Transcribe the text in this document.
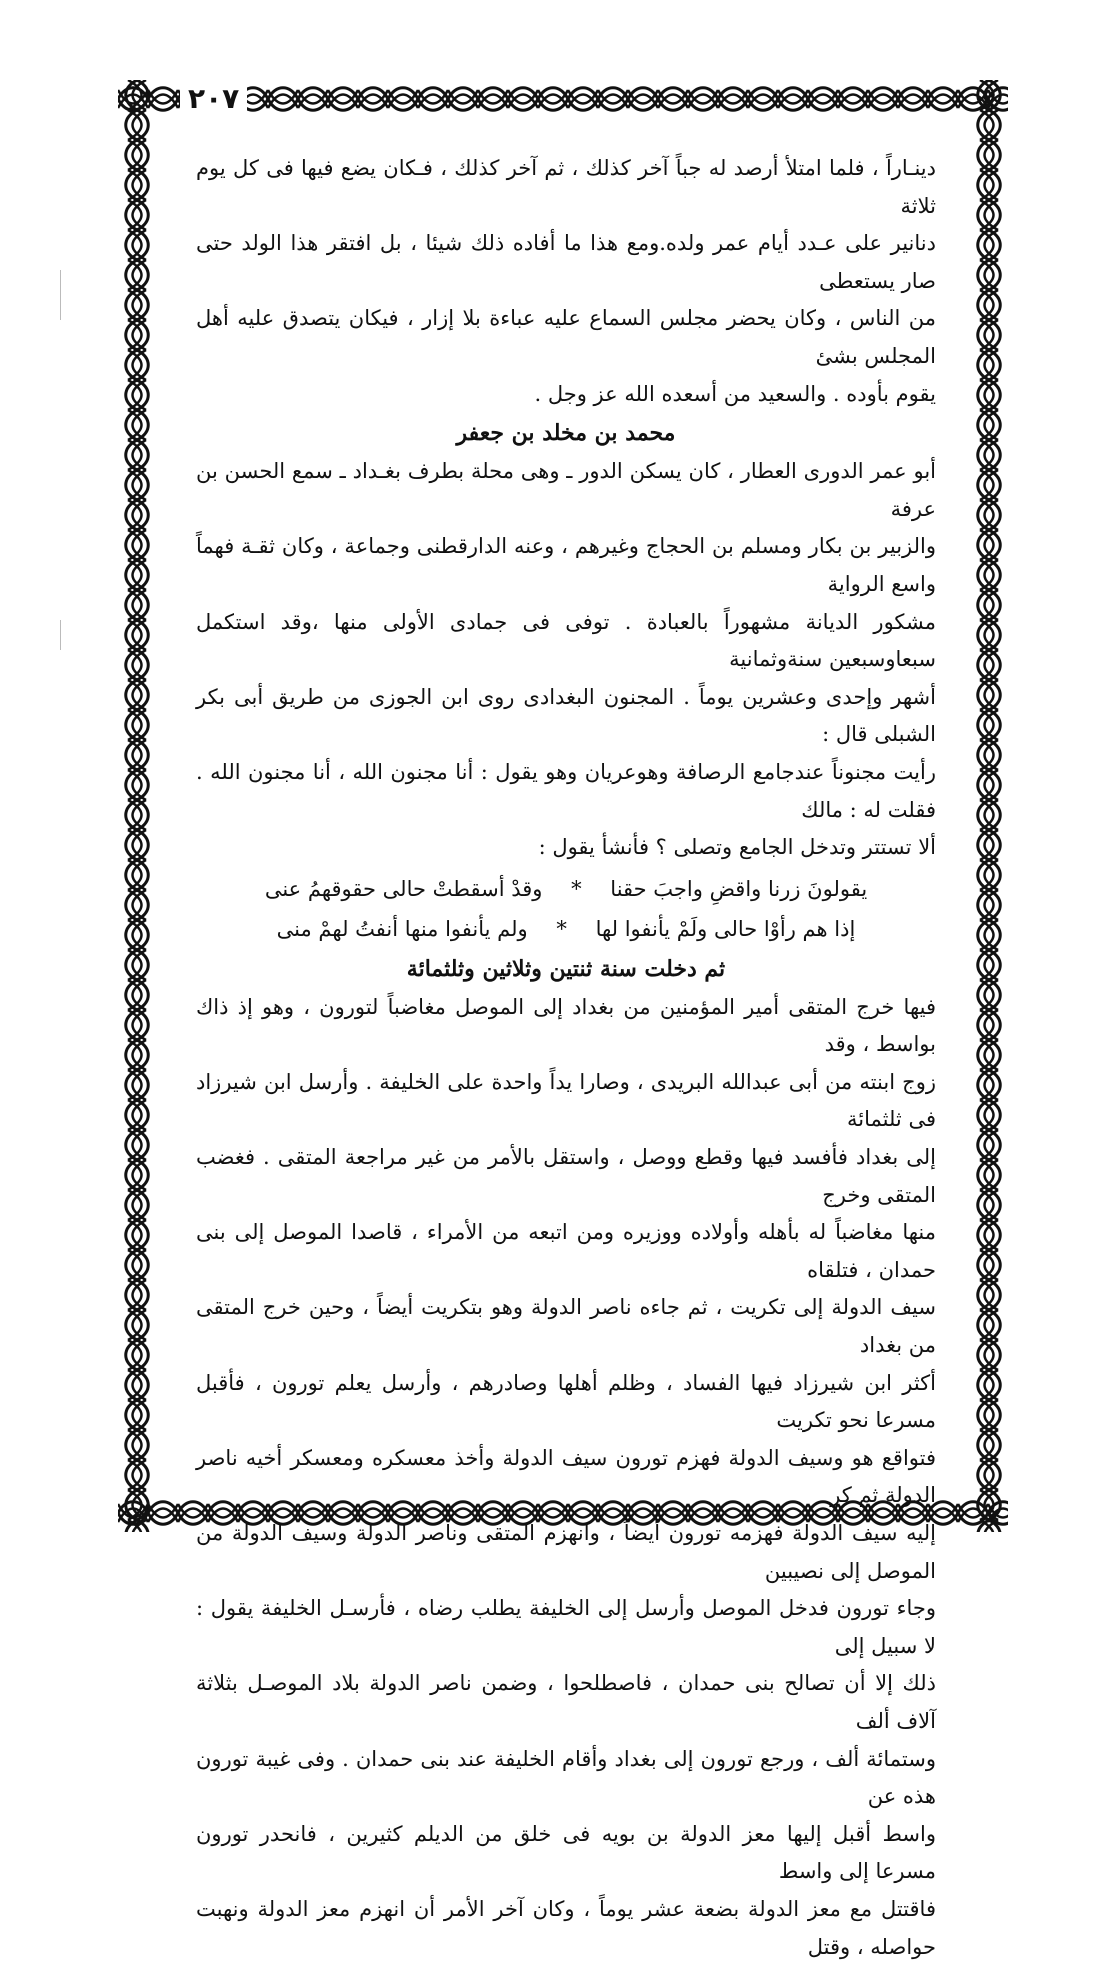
٢٠٧

دينـاراً ، فلما امتلأ أرصد له جباً آخر كذلك ، ثم آخر كذلك ، فـكان يضع فيها فى كل يوم ثلاثة

دنانير على عـدد أيام عمر ولده.ومع هذا ما أفاده ذلك شيئا ، بل افتقر هذا الولد حتى صار يستعطى

من الناس ، وكان يحضر مجلس السماع عليه عباءة بلا إزار ، فيكان يتصدق عليه أهل المجلس بشئ

يقوم بأوده . والسعيد من أسعده الله عز وجل .

محمد بن مخلد بن جعفر

أبو عمر الدورى العطار ، كان يسكن الدور ـ وهى محلة بطرف بغـداد ـ سمع الحسن بن عرفة

والزبير بن بكار ومسلم بن الحجاج وغيرهم ، وعنه الدارقطنى وجماعة ، وكان ثقـة فهماً واسع الرواية

مشكور الديانة مشهوراً بالعبادة . توفى فى جمادى الأولى منها ،وقد استكمل سبعاوسبعين سنةوثمانية

أشهر وإحدى وعشرين يوماً . المجنون البغدادى روى ابن الجوزى من طريق أبى بكر الشبلى قال :

رأيت مجنوناً عندجامع الرصافة وهوعريان وهو يقول : أنا مجنون الله ، أنا مجنون الله . فقلت له : مالك

ألا تستتر وتدخل الجامع وتصلى ؟ فأنشأ يقول :

يقولونَ زرنا واقضِ واجبَ حقنا * وقدْ أسقطتْ حالى حقوقهمُ عنى
إذا هم رأوْا حالى ولَمْ يأنفوا لها * ولم يأنفوا منها أنفتُ لهمْ منى
ثم دخلت سنة ثنتين وثلاثين وثلثمائة

فيها خرج المتقى أمير المؤمنين من بغداد إلى الموصل مغاضباً لتورون ، وهو إذ ذاك بواسط ، وقد

زوج ابنته من أبى عبدالله البريدى ، وصارا يداً واحدة على الخليفة . وأرسل ابن شيرزاد فى ثلثمائة

إلى بغداد فأفسد فيها وقطع ووصل ، واستقل بالأمر من غير مراجعة المتقى . فغضب المتقى وخرج

منها مغاضباً له بأهله وأولاده ووزيره ومن اتبعه من الأمراء ، قاصدا الموصل إلى بنى حمدان ، فتلقاه

سيف الدولة إلى تكريت ، ثم جاءه ناصر الدولة وهو بتكريت أيضاً ، وحين خرج المتقى من بغداد

أكثر ابن شيرزاد فيها الفساد ، وظلم أهلها وصادرهم ، وأرسل يعلم تورون ، فأقبل مسرعا نحو تكريت

فتواقع هو وسيف الدولة فهزم تورون سيف الدولة وأخذ معسكره ومعسكر أخيه ناصر الدولة ثم كر

إليه سيف الدولة فهزمه تورون أيضاً ، وانهزم المتقى وناصر الدولة وسيف الدولة من الموصل إلى نصيبين

وجاء تورون فدخل الموصل وأرسل إلى الخليفة يطلب رضاه ، فأرسـل الخليفة يقول : لا سبيل إلى

ذلك إلا أن تصالح بنى حمدان ، فاصطلحوا ، وضمن ناصر الدولة بلاد الموصـل بثلاثة آلاف ألف

وستمائة ألف ، ورجع تورون إلى بغداد وأقام الخليفة عند بنى حمدان . وفى غيبة تورون هذه عن

واسط أقبل إليها معز الدولة بن بويه فى خلق من الديلم كثيرين ، فانحدر تورون مسرعا إلى واسط

فاقتتل مع معز الدولة بضعة عشر يوماً ، وكان آخر الأمر أن انهزم معز الدولة ونهبت حواصله ، وقتل
